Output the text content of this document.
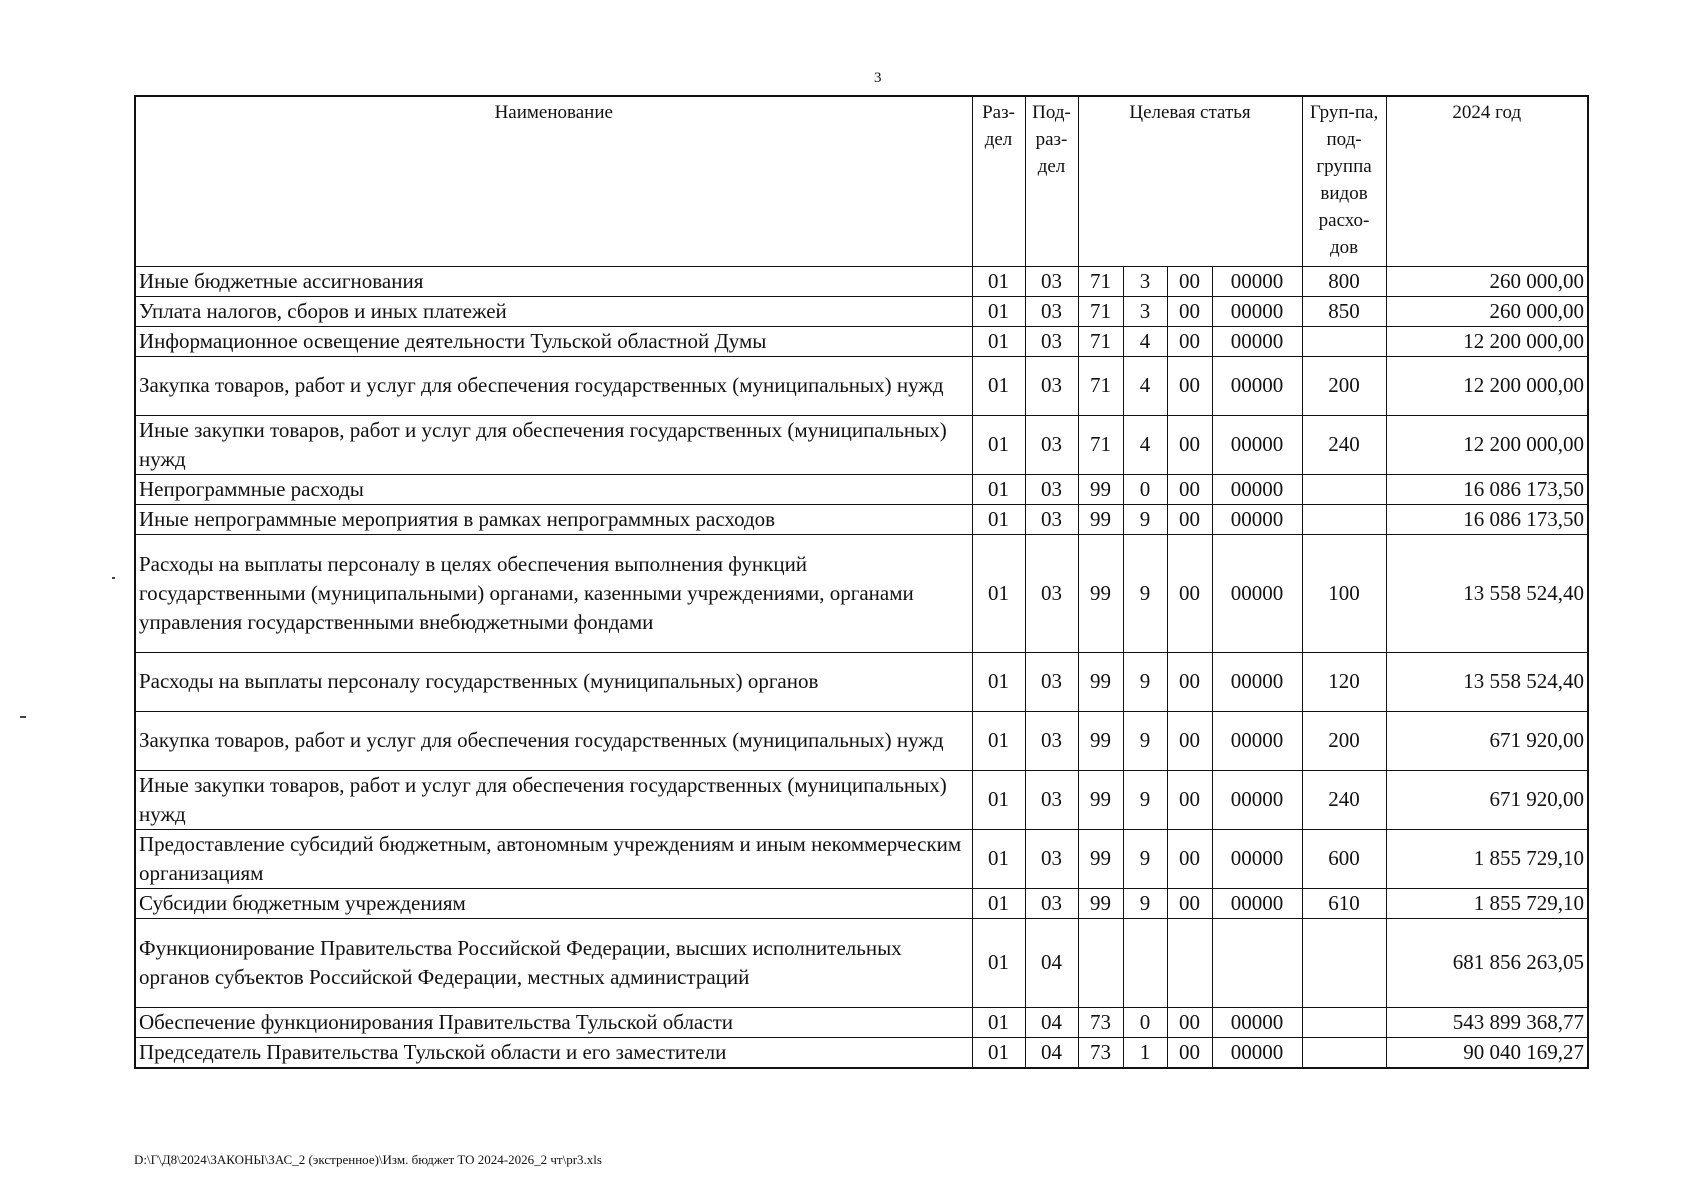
3
Наименование	Раз-дел	Под-раз-дел	Целевая статья				Груп-па, под-группа видов расхо-дов	2024 год
Иные бюджетные ассигнования	01	03	71	3	00	00000	800	260 000,00
Уплата налогов, сборов и иных платежей	01	03	71	3	00	00000	850	260 000,00
Информационное освещение деятельности Тульской областной Думы	01	03	71	4	00	00000		12 200 000,00
Закупка товаров, работ и услуг для обеспечения государственных (муниципальных) нужд	01	03	71	4	00	00000	200	12 200 000,00
Иные закупки товаров, работ и услуг для обеспечения государственных (муниципальных) нужд	01	03	71	4	00	00000	240	12 200 000,00
Непрограммные расходы	01	03	99	0	00	00000		16 086 173,50
Иные непрограммные мероприятия в рамках непрограммных расходов	01	03	99	9	00	00000		16 086 173,50
Расходы на выплаты персоналу в целях обеспечения выполнения функций государственными (муниципальными) органами, казенными учреждениями, органами управления государственными внебюджетными фондами	01	03	99	9	00	00000	100	13 558 524,40
Расходы на выплаты персоналу государственных (муниципальных) органов	01	03	99	9	00	00000	120	13 558 524,40
Закупка товаров, работ и услуг для обеспечения государственных (муниципальных) нужд	01	03	99	9	00	00000	200	671 920,00
Иные закупки товаров, работ и услуг для обеспечения государственных (муниципальных) нужд	01	03	99	9	00	00000	240	671 920,00
Предоставление субсидий бюджетным, автономным учреждениям и иным некоммерческим организациям	01	03	99	9	00	00000	600	1 855 729,10
Субсидии бюджетным учреждениям	01	03	99	9	00	00000	610	1 855 729,10
Функционирование Правительства Российской Федерации, высших исполнительных органов субъектов Российской Федерации, местных администраций	01	04						681 856 263,05
Обеспечение функционирования Правительства Тульской области	01	04	73	0	00	00000		543 899 368,77
Председатель Правительства Тульской области и его заместители	01	04	73	1	00	00000		90 040 169,27
D:\Г\Д8\2024\ЗАКОНЫ\ЗАС_2 (экстренное)\Изм. бюджет ТО 2024-2026_2 чт\pr3.xls
